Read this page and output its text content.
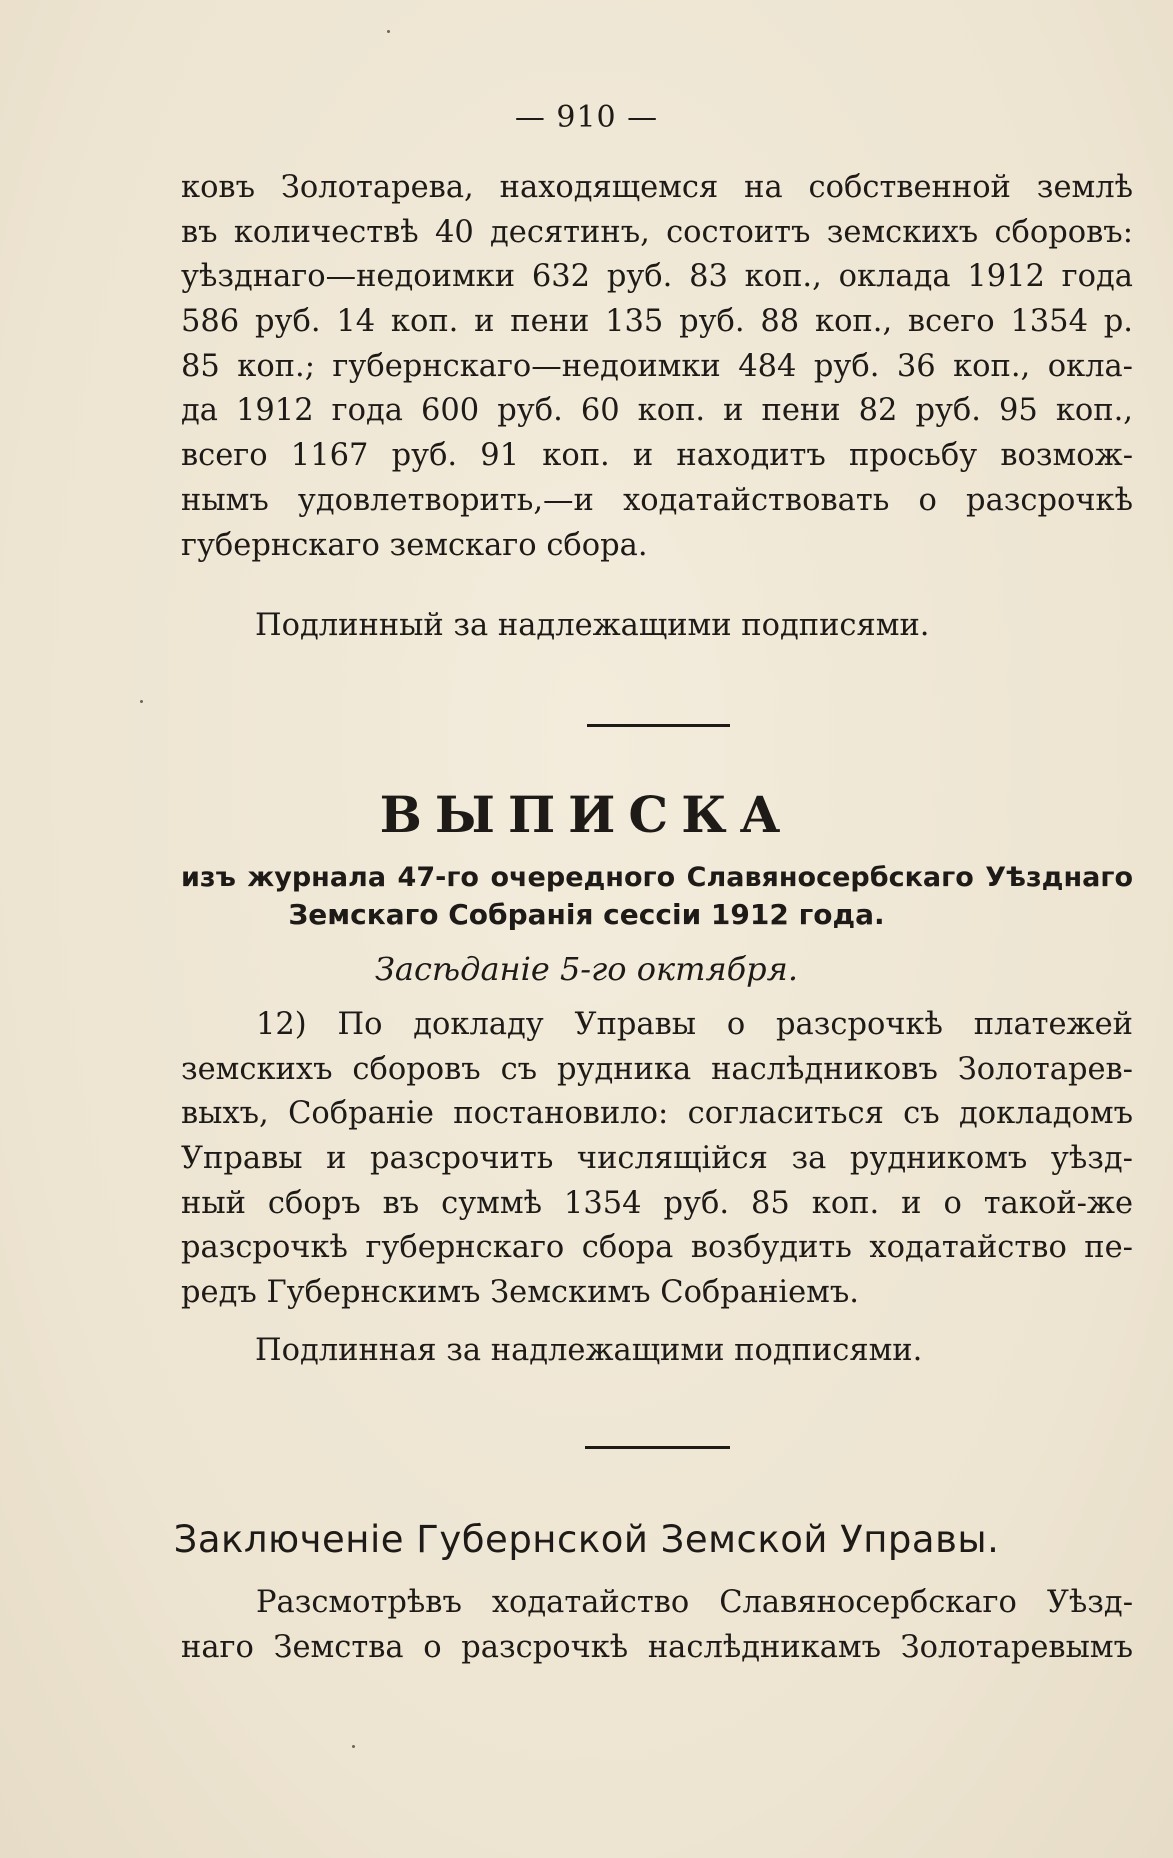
— 910 —
ковъ Золотарева, находящемся на собственной землѣ
въ количествѣ 40 десятинъ, состоитъ земскихъ сборовъ:
уѣзднаго—недоимки 632 руб. 83 коп., оклада 1912 года
586 руб. 14 коп. и пени 135 руб. 88 коп., всего 1354 р.
85 коп.; губернскаго—недоимки 484 руб. 36 коп., окла-
да 1912 года 600 руб. 60 коп. и пени 82 руб. 95 коп.,
всего 1167 руб. 91 коп. и находитъ просьбу возмож-
нымъ удовлетворить,—и ходатайствовать о разсрочкѣ
губернскаго земскаго сбора.
Подлинный за надлежащими подписями.
ВЫПИСКА
изъ журнала 47-го очередного Славяносербскаго Уѣзднаго
Земскаго Собранія сессіи 1912 года.
Засѣданіе 5-го октября.
12) По докладу Управы о разсрочкѣ платежей
земскихъ сборовъ съ рудника наслѣдниковъ Золотарев-
выхъ, Собраніе постановило: согласиться съ докладомъ
Управы и разсрочить числящійся за рудникомъ уѣзд-
ный сборъ въ суммѣ 1354 руб. 85 коп. и о такой-же
разсрочкѣ губернскаго сбора возбудить ходатайство пе-
редъ Губернскимъ Земскимъ Собраніемъ.
Подлинная за надлежащими подписями.
Заключеніе Губернской Земской Управы.
Разсмотрѣвъ ходатайство Славяносербскаго Уѣзд-
наго Земства о разсрочкѣ наслѣдникамъ Золотаревымъ
